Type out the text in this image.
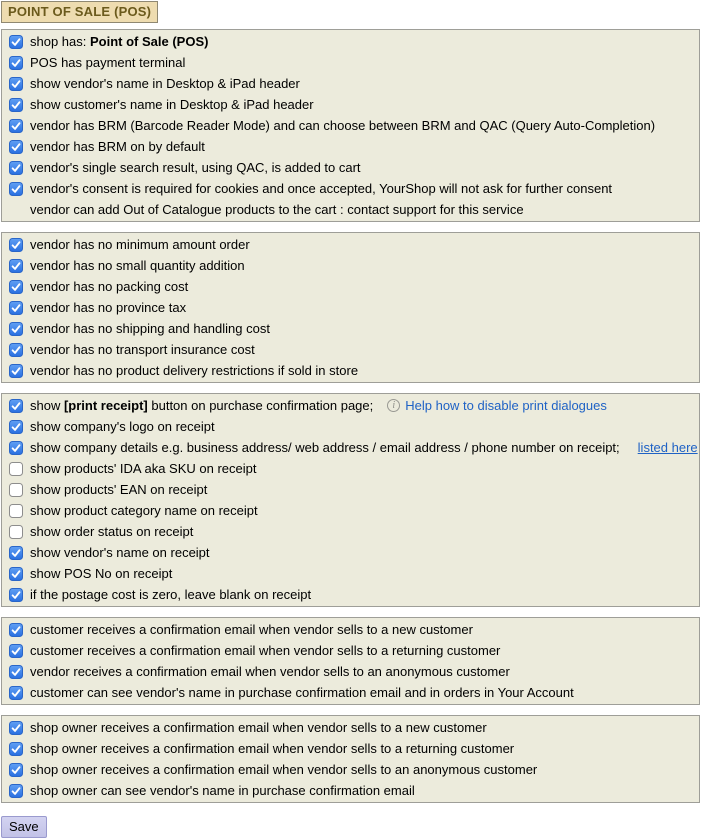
POINT OF SALE (POS)
shop has: Point of Sale (POS)
POS has payment terminal
show vendor's name in Desktop & iPad header
show customer's name in Desktop & iPad header
vendor has BRM (Barcode Reader Mode) and can choose between BRM and QAC (Query Auto-Completion)
vendor has BRM on by default
vendor's single search result, using QAC, is added to cart
vendor's consent is required for cookies and once accepted, YourShop will not ask for further consent
vendor can add Out of Catalogue products to the cart : contact support for this service
vendor has no minimum amount order
vendor has no small quantity addition
vendor has no packing cost
vendor has no province tax
vendor has no shipping and handling cost
vendor has no transport insurance cost
vendor has no product delivery restrictions if sold in store
show [print receipt] button on purchase confirmation page;	i Help how to disable print dialogues
show company's logo on receipt
show company details e.g. business address/ web address / email address / phone number on receipt; listed here
show products' IDA aka SKU on receipt
show products' EAN on receipt
show product category name on receipt
show order status on receipt
show vendor's name on receipt
show POS No on receipt
if the postage cost is zero, leave blank on receipt
customer receives a confirmation email when vendor sells to a new customer
customer receives a confirmation email when vendor sells to a returning customer
vendor receives a confirmation email when vendor sells to an anonymous customer
customer can see vendor's name in purchase confirmation email and in orders in Your Account
shop owner receives a confirmation email when vendor sells to a new customer
shop owner receives a confirmation email when vendor sells to a returning customer
shop owner receives a confirmation email when vendor sells to an anonymous customer
shop owner can see vendor's name in purchase confirmation email
Save
